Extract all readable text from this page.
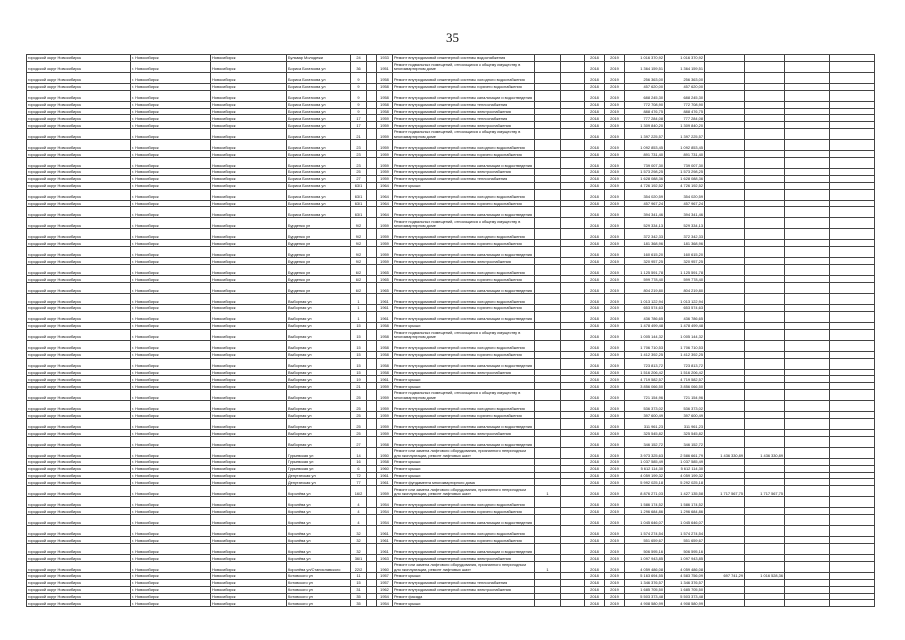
35
городской округ Новосибирск	г. Новосибирск	Новосибирск	Бульвар Молодежи	24		1933	Ремонт внутридомовой инженерной системы водоснабжения			2018	2019	1 016 370,92	1 016 370,92				
городской округ Новосибирск	г. Новосибирск	Новосибирск	Бориса Богаткова ул	36		1951	Ремонт подвальных помещений, относящихся к общему имуществу в многоквартирном доме			2018	2019	1 364 159,51	1 364 159,51				
городской округ Новосибирск	г. Новосибирск	Новосибирск	Бориса Богаткова ул	9		1958	Ремонт внутридомовой инженерной системы холодного водоснабжения			2018	2019	256 363,00	256 363,00				
городской округ Новосибирск	г. Новосибирск	Новосибирск	Бориса Богаткова ул	9		1958	Ремонт внутридомовой инженерной системы горячего водоснабжения			2018	2019	457 620,00	457 620,00				
городской округ Новосибирск	г. Новосибирск	Новосибирск	Бориса Богаткова ул	9		1958	Ремонт внутридомовой инженерной системы канализации и водоотведения			2018	2019	688 245,30	688 245,30				
городской округ Новосибирск	г. Новосибирск	Новосибирск	Бориса Богаткова ул	9		1958	Ремонт внутридомовой инженерной системы теплоснабжения			2018	2019	772 708,90	772 708,90				
городской округ Новосибирск	г. Новосибирск	Новосибирск	Бориса Богаткова ул	9		1958	Ремонт внутридомовой инженерной системы электроснабжения			2018	2019	888 476,75	888 476,75				
городской округ Новосибирск	г. Новосибирск	Новосибирск	Бориса Богаткова ул	17		1959	Ремонт внутридомовой инженерной системы теплоснабжения			2018	2019	777 284,08	777 284,08				
городской округ Новосибирск	г. Новосибирск	Новосибирск	Бориса Богаткова ул	17		1959	Ремонт внутридомовой инженерной системы электроснабжения			2018	2019	1 309 840,20	1 309 840,20				
городской округ Новосибирск	г. Новосибирск	Новосибирск	Бориса Богаткова ул	21		1959	Ремонт подвальных помещений, относящихся к общему имуществу в многоквартирном доме			2018	2019	1 397 225,57	1 397 225,57				
городской округ Новосибирск	г. Новосибирск	Новосибирск	Бориса Богаткова ул	23		1959	Ремонт внутридомовой инженерной системы холодного водоснабжения			2018	2019	1 092 853,45	1 092 853,45				
городской округ Новосибирск	г. Новосибирск	Новосибирск	Бориса Богаткова ул	23		1959	Ремонт внутридомовой инженерной системы горячего водоснабжения			2018	2019	891 731,40	891 731,40				
городской округ Новосибирск	г. Новосибирск	Новосибирск	Бориса Богаткова ул	23		1959	Ремонт внутридомовой инженерной системы канализации и водоотведения			2018	2019	739 007,30	739 007,30				
городской округ Новосибирск	г. Новосибирск	Новосибирск	Бориса Богаткова ул	25		1959	Ремонт внутридомовой инженерной системы электроснабжения			2018	2019	1 573 298,25	1 573 298,25				
городской округ Новосибирск	г. Новосибирск	Новосибирск	Бориса Богаткова ул	27		1959	Ремонт внутридомовой инженерной системы теплоснабжения			2018	2019	1 628 088,36	1 628 088,36				
городской округ Новосибирск	г. Новосибирск	Новосибирск	Бориса Богаткова ул	63/1		1964	Ремонт крыши			2018	2019	4 726 192,52	4 726 192,52				
городской округ Новосибирск	г. Новосибирск	Новосибирск	Бориса Богаткова ул	63/1		1964	Ремонт внутридомовой инженерной системы холодного водоснабжения			2018	2019	354 020,59	354 020,59				
городской округ Новосибирск	г. Новосибирск	Новосибирск	Бориса Богаткова ул	63/1		1964	Ремонт внутридомовой инженерной системы горячего водоснабжения			2018	2019	457 967,24	457 967,24				
городской округ Новосибирск	г. Новосибирск	Новосибирск	Бориса Богаткова ул	63/1		1964	Ремонт внутридомовой инженерной системы канализации и водоотведения			2018	2019	394 341,46	394 341,46				
городской округ Новосибирск	г. Новосибирск	Новосибирск	Бурденко ул	9/2		1959	Ремонт подвальных помещений, относящихся к общему имуществу в многоквартирном доме			2018	2019	529 334,13	529 334,13				
городской округ Новосибирск	г. Новосибирск	Новосибирск	Бурденко ул	9/2		1959	Ремонт внутридомовой инженерной системы холодного водоснабжения			2018	2019	372 342,33	372 342,33				
городской округ Новосибирск	г. Новосибирск	Новосибирск	Бурденко ул	9/2		1959	Ремонт внутридомовой инженерной системы горячего водоснабжения			2018	2019	181 368,96	181 368,96				
городской округ Новосибирск	г. Новосибирск	Новосибирск	Бурденко ул	9/2		1959	Ремонт внутридомовой инженерной системы канализации и водоотведения			2018	2019	160 615,20	160 615,20				
городской округ Новосибирск	г. Новосибирск	Новосибирск	Бурденко ул	9/2		1959	Ремонт внутридомовой инженерной системы электроснабжения			2018	2019	320 957,25	320 957,25				
городской округ Новосибирск	г. Новосибирск	Новосибирск	Бурденко ул	6/2		1965	Ремонт внутридомовой инженерной системы холодного водоснабжения			2018	2019	1 125 591,78	1 125 591,78				
городской округ Новосибирск	г. Новосибирск	Новосибирск	Бурденко ул	6/2		1965	Ремонт внутридомовой инженерной системы горячего водоснабжения			2018	2019	599 778,40	599 778,40				
городской округ Новосибирск	г. Новосибирск	Новосибирск	Бурденко ул	6/2		1965	Ремонт внутридомовой инженерной системы канализации и водоотведения			2018	2019	804 219,80	804 219,80				
городской округ Новосибирск	г. Новосибирск	Новосибирск	Выборная ул	1		1961	Ремонт внутридомовой инженерной системы холодного водоснабжения			2018	2019	1 013 122,94	1 013 122,94				
городской округ Новосибирск	г. Новосибирск	Новосибирск	Выборная ул	1		1961	Ремонт внутридомовой инженерной системы горячего водоснабжения			2018	2019	653 574,63	653 574,63				
городской округ Новосибирск	г. Новосибирск	Новосибирск	Выборная ул	1		1961	Ремонт внутридомовой инженерной системы канализации и водоотведения			2018	2019	436 786,65	436 786,65				
городской округ Новосибирск	г. Новосибирск	Новосибирск	Выборная ул	15		1958	Ремонт крыши			2018	2019	1 478 499,48	1 478 499,48				
городской округ Новосибирск	г. Новосибирск	Новосибирск	Выборная ул	15		1958	Ремонт подвальных помещений, относящихся к общему имуществу в многоквартирном доме			2018	2019	1 005 144,32	1 005 144,32				
городской округ Новосибирск	г. Новосибирск	Новосибирск	Выборная ул	15		1958	Ремонт внутридомовой инженерной системы холодного водоснабжения			2018	2019	1 706 710,53	1 706 710,53				
городской округ Новосибирск	г. Новосибирск	Новосибирск	Выборная ул	15		1958	Ремонт внутридомовой инженерной системы горячего водоснабжения			2018	2019	1 412 392,25	1 412 392,25				
городской округ Новосибирск	г. Новосибирск	Новосибирск	Выборная ул	15		1958	Ремонт внутридомовой инженерной системы канализации и водоотведения			2018	2019	723 813,72	723 813,72				
городской округ Новосибирск	г. Новосибирск	Новосибирск	Выборная ул	15		1958	Ремонт внутридомовой инженерной системы электроснабжения			2018	2019	1 516 206,42	1 516 206,42				
городской округ Новосибирск	г. Новосибирск	Новосибирск	Выборная ул	19		1961	Ремонт крыши			2018	2019	4 719 582,57	4 719 582,57				
городской округ Новосибирск	г. Новосибирск	Новосибирск	Выборная ул	21		1959	Ремонт крыши			2018	2019	3 856 066,50	3 856 066,50				
городской округ Новосибирск	г. Новосибирск	Новосибирск	Выборная ул	25		1959	Ремонт подвальных помещений, относящихся к общему имуществу в многоквартирном доме			2018	2019	721 154,96	721 154,96				
городской округ Новосибирск	г. Новосибирск	Новосибирск	Выборная ул	25		1959	Ремонт внутридомовой инженерной системы холодного водоснабжения			2018	2019	536 373,02	536 373,02				
городской округ Новосибирск	г. Новосибирск	Новосибирск	Выборная ул	25		1959	Ремонт внутридомовой инженерной системы горячего водоснабжения			2018	2019	397 600,49	397 600,49				
городской округ Новосибирск	г. Новосибирск	Новосибирск	Выборная ул	25		1959	Ремонт внутридомовой инженерной системы канализации и водоотведения			2018	2019	311 961,23	311 961,23				
городской округ Новосибирск	г. Новосибирск	Новосибирск	Выборная ул	25		1959	Ремонт внутридомовой инженерной системы электроснабжения			2018	2019	325 545,82	325 545,82				
городской округ Новосибирск	г. Новосибирск	Новосибирск	Выборная ул	27		1958	Ремонт внутридомовой инженерной системы канализации и водоотведения			2018	2019	346 152,72	346 152,72				
городской округ Новосибирск	г. Новосибирск	Новосибирск	Гурьевская ул	14		1950	Ремонт или замена лифтового оборудования, признанного непригодным для эксплуатации, ремонт лифтовых шахт			2018	2019	3 973 325,63	2 586 661,79	1 436 330,89	1 436 330,89		
городской округ Новосибирск	г. Новосибирск	Новосибирск	Гурьевская ул	16		1958	Ремонт крыши			2018	2019	1 037 585,49	1 037 585,49				
городской округ Новосибирск	г. Новосибирск	Новосибирск	Гурьевская ул	6		1960	Ремонт крыши			2018	2019	5 612 114,30	5 612 114,30				
городской округ Новосибирск	г. Новосибирск	Новосибирск	Депутатская ул	72		1961	Ремонт крыши			2018	2019	4 059 199,32	4 059 199,32				
городской округ Новосибирск	г. Новосибирск	Новосибирск	Депутатская ул	77		1961	Ремонт фундамента многоквартирного дома			2018	2019	5 992 025,18	5 292 025,18				
городской округ Новосибирск	г. Новосибирск	Новосибирск	Королёва ул	16/2		1959	Ремонт или замена лифтового оборудования, признанного непригодным для эксплуатации, ремонт лифтовых шахт	1		2018	2019	8 876 271,03	1 427 135,58	1 717 567,75	1 717 567,75		
городской округ Новосибирск	г. Новосибирск	Новосибирск	Королёва ул	4		1954	Ремонт внутридомовой инженерной системы холодного водоснабжения			2018	2019	1 586 174,52	1 586 174,52				
городской округ Новосибирск	г. Новосибирск	Новосибирск	Королёва ул	4		1954	Ремонт внутридомовой инженерной системы горячего водоснабжения			2018	2019	1 296 684,86	1 296 684,86				
городской округ Новосибирск	г. Новосибирск	Новосибирск	Королёва ул	4		1954	Ремонт внутридомовой инженерной системы канализации и водоотведения			2018	2019	1 045 646,07	1 045 646,07				
городской округ Новосибирск	г. Новосибирск	Новосибирск	Королёва ул	32		1961	Ремонт внутридомовой инженерной системы холодного водоснабжения			2018	2019	1 574 274,54	1 574 274,54				
городской округ Новосибирск	г. Новосибирск	Новосибирск	Королёва ул	32		1961	Ремонт внутридомовой инженерной системы горячего водоснабжения			2018	2019	551 659,67	551 659,67				
городской округ Новосибирск	г. Новосибирск	Новосибирск	Королёва ул	32		1961	Ремонт внутридомовой инженерной системы канализации и водоотведения			2018	2019	506 595,16	506 595,16				
городской округ Новосибирск	г. Новосибирск	Новосибирск	Королёва ул	36/1		1963	Ремонт внутридомовой инженерной системы электроснабжения			2018	2019	1 097 943,85	1 097 943,85				
городской округ Новосибирск	г. Новосибирск	Новосибирск	Королёва ул/Станиславского	22/2		1960	Ремонт или замена лифтового оборудования, признанного непригодным для эксплуатации, ремонт лифтовых шахт	1		2018	2019	4 059 486,08	4 059 486,08				
городской округ Новосибирск	г. Новосибирск	Новосибирск	Котовского ул	11		1957	Ремонт крыши			2018	2019	5 163 694,55	4 583 756,09	697 741,29	1 016 528,36		
городской округ Новосибирск	г. Новосибирск	Новосибирск	Котовского ул	15		1957	Ремонт внутридомовой инженерной системы теплоснабжения			2018	2019	1 346 376,57	1 346 376,57				
городской округ Новосибирск	г. Новосибирск	Новосибирск	Котовского ул	31		1962	Ремонт внутридомовой инженерной системы электроснабжения			2018	2019	1 685 705,50	1 685 705,50				
городской округ Новосибирск	г. Новосибирск	Новосибирск	Котовского ул	35		1954	Ремонт фасада			2018	2019	5 503 373,48	5 503 373,48				
городской округ Новосибирск	г. Новосибирск	Новосибирск	Котовского ул	35		1954	Ремонт крыши			2018	2019	4 908 580,99	4 908 580,99				
